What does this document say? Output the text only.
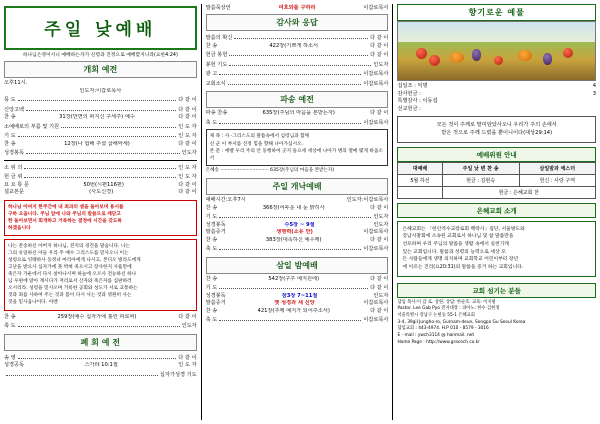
주일 낮예배
하나님은영이시니 예배하는자가 신령과 진정으로 예배할지니라(요한4:24)
개회 예전
오후11시.
인도자:이갑로목사
묵 도	다 같 이
신앙고백	다 같 이
찬 송	31장(만면의 퍼지신 구세주) 예수	다 같 이
소예배로의 부름 및 기원	인 도 자
기 도	인 도 자
찬 송	12장(나 험해 주셨 곱해악세)	다 같 이
성경봉독	인도자
소 위 의	인 도 자
헌 금 위	인 도 자
요 요 통 문	50번(시편116편)	다 같 이
설교본문	(사도신경)	다 같 이
하나님 아버지 한주간에 내 죄과의 셈을 돌아보며 용서를
구하 오옵니다. 주님 앞에 나와 주님의 말씀으로 깨닫고
한 돌아보면서 회개하고 거룩하는 결정에 시간을 갖도록
하겠읍니다
나는 잔송하신 아버지 하나님, 전지의 경건을 말슴니다. 나는
그의 유일하신 아들 우리 주 예수 그리스도를 믿사오니 이는
성령으로 잉태하사 동정녀 마리아에게 나시고, 본디오 빌라도에게
고난을 받으사 십자가에 못 박혀 죽으시고 장사한지 사흘만에
죽은자 가운데서 다시 살아나시며 하늘에 오르사 전능하신 하나
님 우편에 앉아 계시다가 저리로서 산자와 죽은자를 심판하러
오시리라. 성령을 믿사오며 거룩한 공회와 성도가 서로 교통하는
것과 죄를 사하여 주는 것과 몸이 다시 사는 것과 영원히 사는
것을 믿사옵나이다. 아멘
찬 송	259장(예수 십자가에 흘린 피로써)	다 같 이
축 도	인도자
폐 회 예 전
송 영	다 같 이
성경공독	스가랴 10:1절	인 도 자
십자가성경 기도
말씀묵상언	여호와를 구하라	이갑로목사
감사와 응답
말씀의 확신	다 같 이
찬 송	422장(기쁘게 하소서	다 같 이
헌금 봉헌	다 같 이
봉헌 기도	인도자
광 고	이갑로목사
교회소식	이갑로목사
파송 예전
파송 찬송	635장(주님의 마음을 본받는자)	다 같 이
축 도	이갑로목사
제 목 : 사 ·그리스도의 말씀속에서 심령님과 함께
신 군 이 부서를 진정 힘을 향해 나아가십시오.
본 문 : 에벨 우리 주의 안 동행하여 곳지 돌으세 세상에 나아가 병의 열매 맺게 하옵소서
은혜송 ································· 635장(주님의 마음을 본받는자)
주일 개낙예배
예배시간:오후7시	인도자:이갑로목사
찬 송	366장(어두운 내 눈 밝히사	다 같 이
기 도	인도자
성경봉독	수5장 ~ 9절	인도자
말씀증거	생명력(소유 만)	이갑로목사
찬 송	383장(대속하신 예수께)	다 같 이
축 도	이갑로목사
삼일 밤예배
찬 송	542장(구주 예지원에)	다 같 이
기 도	다 같 이
성경봉독	잠3장 7~11절	인도자
말씀증거	옛 성경과 새 신앙	이갑로목사
찬 송	421장(주께 예지가 되어주소서)	다 같 이
축 도	이갑로목사
향기로운 예물
십일조 : 익명	4
감사헌금 :	3
특별감사 : 이동섭
선교헌금 :
모든 것이 주께로 말미암았사오니 우리가 주의 손에서
받은 것으로 주께 드렸을 뿐이니이다(대상29:14)
예배위원 안내
대예배	주일 낮 변 찬 송	삼일밤과 에스더
5월 하선	현금 : 김현숙	헌신 : 사랑 구역
	현금 : 은혜교회 찬	
은혜교회 소개
은혜교회는 「한인역수교장로회 백락사」집단, 서울방도와
강남시찰회에 소속된 교회로서 하나님 및 참 말씀만을
선포하며 우리 주님의 말씀을 생활 속에서 실천기캐
있는 교회입니다. 말씀과 성령의 능력으로 세상 모
든 사람들에게 생명 의지하며 교회학교 어린이부터 장년
에 이르는 진리(요20:31)의 말씀을 증거 하는 교회입니다.
교회 섬기는 분들
담임 목사:이 갑 로. 상원. 상담: 한순호. 교육: 이지평
Pastor. Lee Gab Pyo 전자대장 : 피아노: 한수 김현정
서울특별시 강남구 논현동 55-1 은혜교회
3-4, 39gil Jungho-ro, Gurnam-deun, Songpa Gu Seoul Korea
담임교회 : 443-4974. H.P 010 - 8579 - 3016
E - mail : ywch3114 @ hanmail. net
Home Page : http://www.gracech.co.kr
